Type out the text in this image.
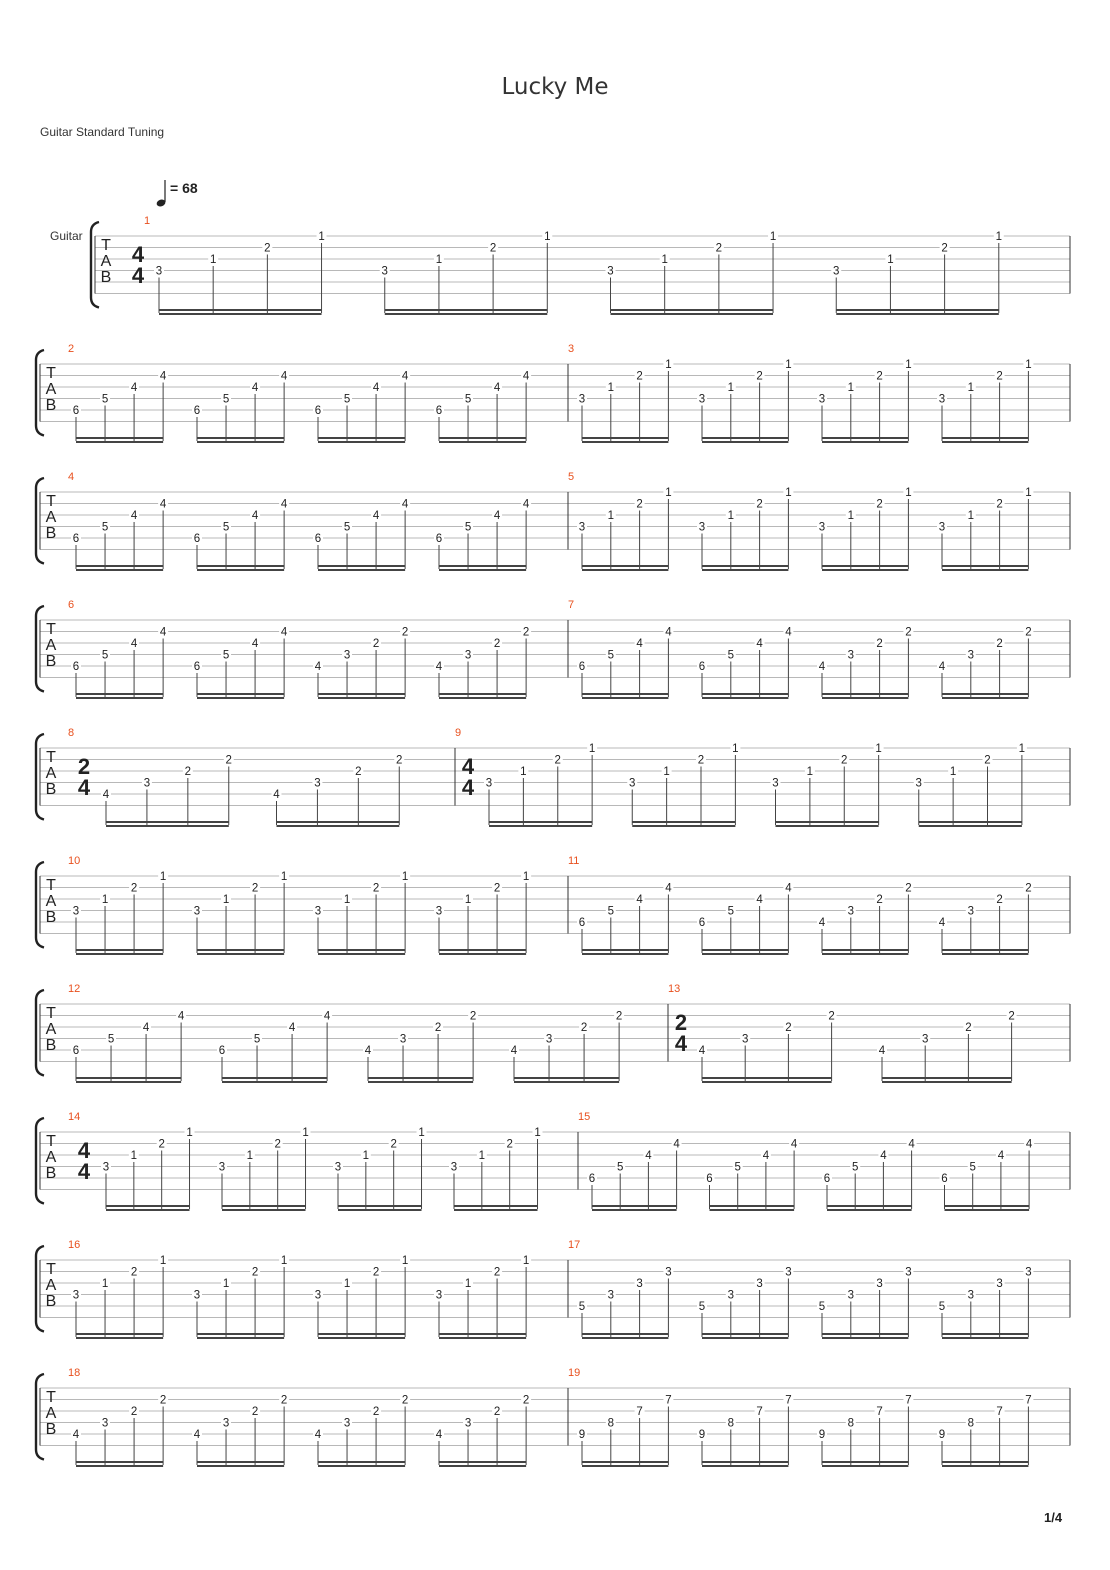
Lucky Me
Guitar Standard Tuning
= 68
Guitar
T
A
B
1
4
4 3
1
2
1
3
1
2
1
3
1
2
1
3
1
2
1
T
A
B
2
6
5
4
4
6
5
4
4
6
5
4
4
6
5
4
4
3
3
1
2
1
3
1
2
1
3
1
2
1
3
1
2
1
T
A
B
4
6
5
4
4
6
5
4
4
6
5
4
4
6
5
4
4
5
3
1
2
1
3
1
2
1
3
1
2
1
3
1
2
1
T
A
B
6
6
5
4
4
6
5
4
4
4
3
2
2
4
3
2
2
7
6
5
4
4
6
5
4
4
4
3
2
2
4
3
2
2
T
A
B
8
2
4 4
3
2
2
4
3
2
2
9
4
4 3
1
2
1
3
1
2
1
3
1
2
1
3
1
2
1
T
A
B
10
3
1
2
1
3
1
2
1
3
1
2
1
3
1
2
1
11
6
5
4
4
6
5
4
4
4
3
2
2
4
3
2
2
T
A
B
12
6
5
4
4
6
5
4
4
4
3
2
2
4
3
2
2
13
2
4 4
3
2
2
4
3
2
2
T
A
B
14
4
4 3
1
2
1
3
1
2
1
3
1
2
1
3
1
2
1
15
6
5
4
4
6
5
4
4
6
5
4
4
6
5
4
4
T
A
B
16
3
1
2
1
3
1
2
1
3
1
2
1
3
1
2
1
17
5
3
3
3
5
3
3
3
5
3
3
3
5
3
3
3
T
A
B
18
4
3
2
2
4
3
2
2
4
3
2
2
4
3
2
2
19
9
8
7
7
9
8
7
7
9
8
7
7
9
8
7
7
1/4
